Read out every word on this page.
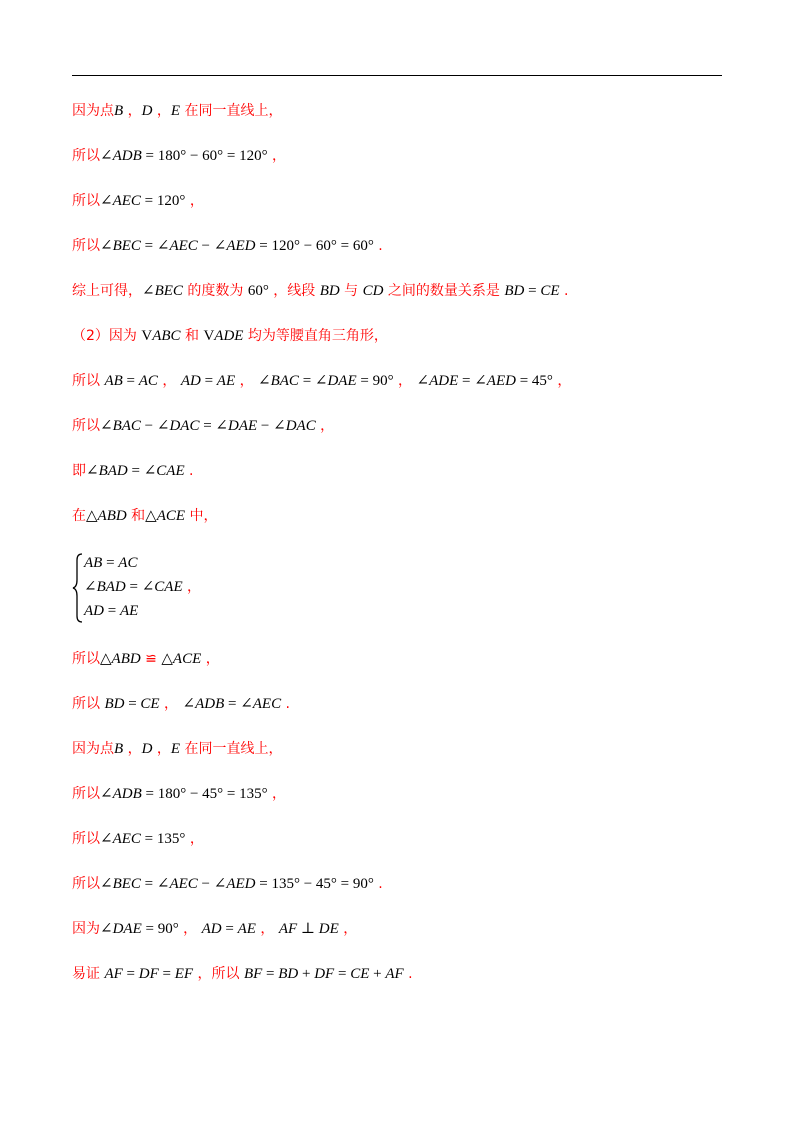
因为点B ，D ，E 在同一直线上，
所以∠ADB = 180° − 60° = 120° ，
所以∠AEC = 120° ，
所以∠BEC = ∠AEC − ∠AED = 120° − 60° = 60° .
综上可得，∠BEC 的度数为 60° ，线段 BD 与 CD 之间的数量关系是 BD = CE .
（2）因为 VABC 和 VADE 均为等腰直角三角形，
所以 AB = AC ， AD = AE ， ∠BAC = ∠DAE = 90° ， ∠ADE = ∠AED = 45° ，
所以∠BAC − ∠DAC = ∠DAE − ∠DAC ，
即∠BAD = ∠CAE .
在△ABD 和△ACE 中，
所以△ABD ≌ △ACE ，
所以 BD = CE ， ∠ADB = ∠AEC .
因为点B ，D ，E 在同一直线上，
所以∠ADB = 180° − 45° = 135° ，
所以∠AEC = 135° ，
所以∠BEC = ∠AEC − ∠AED = 135° − 45° = 90° .
因为∠DAE = 90° ， AD = AE ， AF ⊥ DE ，
易证 AF = DF = EF ，所以 BF = BD + DF = CE + AF .
AB = AC
∠BAD = ∠CAE ，
AD = AE
